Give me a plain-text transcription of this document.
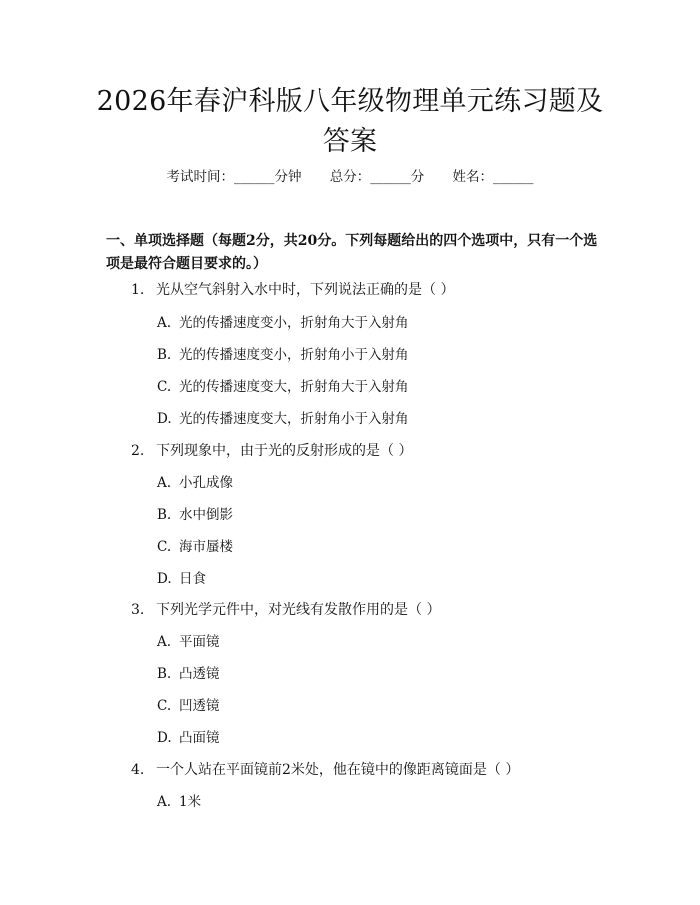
2026年春沪科版八年级物理单元练习题及答案
考试时间：______分钟 总分：______分 姓名：______
一、单项选择题（每题2分，共20分。下列每题给出的四个选项中，只有一个选项是最符合题目要求的。）
1. 光从空气斜射入水中时，下列说法正确的是（ ）
A. 光的传播速度变小，折射角大于入射角
B. 光的传播速度变小，折射角小于入射角
C. 光的传播速度变大，折射角大于入射角
D. 光的传播速度变大，折射角小于入射角
2. 下列现象中，由于光的反射形成的是（ ）
A. 小孔成像
B. 水中倒影
C. 海市蜃楼
D. 日食
3. 下列光学元件中，对光线有发散作用的是（ ）
A. 平面镜
B. 凸透镜
C. 凹透镜
D. 凸面镜
4. 一个人站在平面镜前2米处，他在镜中的像距离镜面是（ ）
A. 1米
